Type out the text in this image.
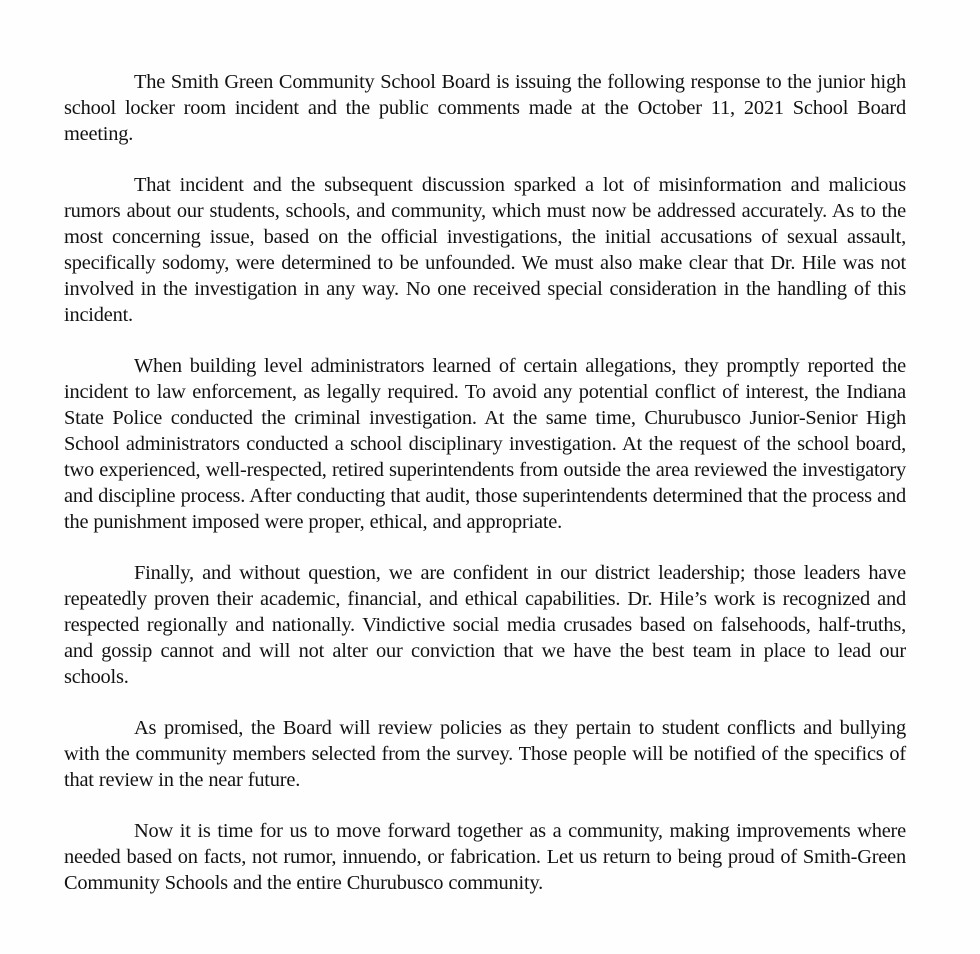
The Smith Green Community School Board is issuing the following response to the junior high school locker room incident and the public comments made at the October 11, 2021 School Board meeting.

That incident and the subsequent discussion sparked a lot of misinformation and malicious rumors about our students, schools, and community, which must now be addressed accurately. As to the most concerning issue, based on the official investigations, the initial accusations of sexual assault, specifically sodomy, were determined to be unfounded. We must also make clear that Dr. Hile was not involved in the investigation in any way. No one received special consideration in the handling of this incident.

When building level administrators learned of certain allegations, they promptly reported the incident to law enforcement, as legally required. To avoid any potential conflict of interest, the Indiana State Police conducted the criminal investigation. At the same time, Churubusco Junior-Senior High School administrators conducted a school disciplinary investigation. At the request of the school board, two experienced, well-respected, retired superintendents from outside the area reviewed the investigatory and discipline process. After conducting that audit, those superintendents determined that the process and the punishment imposed were proper, ethical, and appropriate.

Finally, and without question, we are confident in our district leadership; those leaders have repeatedly proven their academic, financial, and ethical capabilities. Dr. Hile’s work is recognized and respected regionally and nationally. Vindictive social media crusades based on falsehoods, half-truths, and gossip cannot and will not alter our conviction that we have the best team in place to lead our schools.

As promised, the Board will review policies as they pertain to student conflicts and bullying with the community members selected from the survey. Those people will be notified of the specifics of that review in the near future.

Now it is time for us to move forward together as a community, making improvements where needed based on facts, not rumor, innuendo, or fabrication. Let us return to being proud of Smith-Green Community Schools and the entire Churubusco community.
